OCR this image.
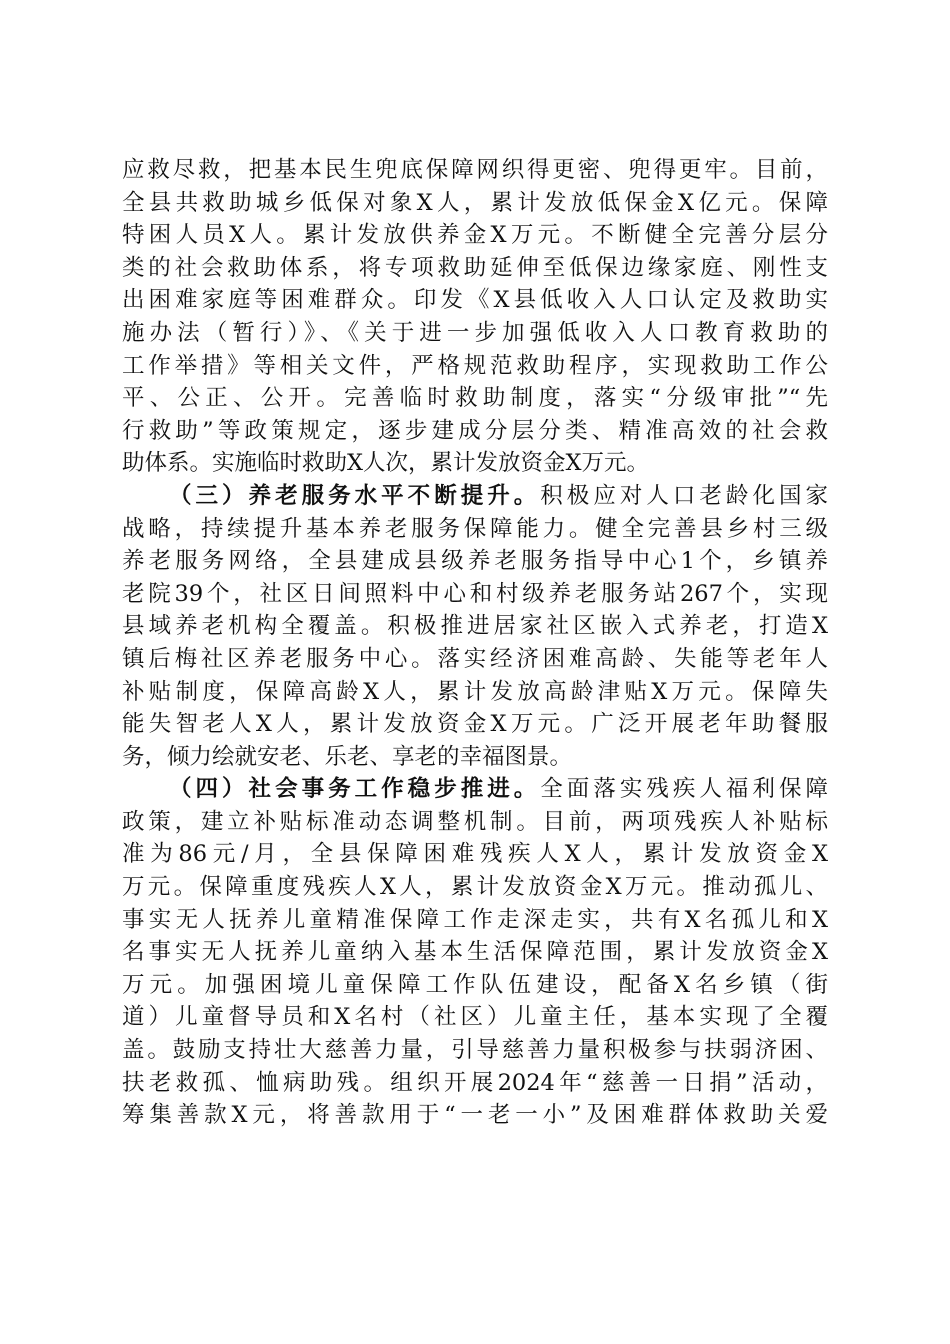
应救尽救，把基本民生兜底保障网织得更密、兜得更牢。目前，
全县共救助城乡低保对象X人，累计发放低保金X亿元。保障
特困人员X人。累计发放供养金X万元。不断健全完善分层分
类的社会救助体系，将专项救助延伸至低保边缘家庭、刚性支
出困难家庭等困难群众。印发《X县低收入人口认定及救助实
施办法（暂行）》、《关于进一步加强低收入人口教育救助的
工作举措》等相关文件，严格规范救助程序，实现救助工作公
平、公正、公开。完善临时救助制度，落实“分级审批”“先
行救助”等政策规定，逐步建成分层分类、精准高效的社会救
助体系。实施临时救助X人次，累计发放资金X万元。
（三）养老服务水平不断提升。积极应对人口老龄化国家
战略，持续提升基本养老服务保障能力。健全完善县乡村三级
养老服务网络，全县建成县级养老服务指导中心1个，乡镇养
老院39个，社区日间照料中心和村级养老服务站267个，实现
县域养老机构全覆盖。积极推进居家社区嵌入式养老，打造X
镇后梅社区养老服务中心。落实经济困难高龄、失能等老年人
补贴制度，保障高龄X人，累计发放高龄津贴X万元。保障失
能失智老人X人，累计发放资金X万元。广泛开展老年助餐服
务，倾力绘就安老、乐老、享老的幸福图景。
（四）社会事务工作稳步推进。全面落实残疾人福利保障
政策，建立补贴标准动态调整机制。目前，两项残疾人补贴标
准为86元/月，全县保障困难残疾人X人，累计发放资金X
万元。保障重度残疾人X人，累计发放资金X万元。推动孤儿、
事实无人抚养儿童精准保障工作走深走实，共有X名孤儿和X
名事实无人抚养儿童纳入基本生活保障范围，累计发放资金X
万元。加强困境儿童保障工作队伍建设，配备X名乡镇（街
道）儿童督导员和X名村（社区）儿童主任，基本实现了全覆
盖。鼓励支持壮大慈善力量，引导慈善力量积极参与扶弱济困、
扶老救孤、恤病助残。组织开展2024年“慈善一日捐”活动，
筹集善款X元，将善款用于“一老一小”及困难群体救助关爱
